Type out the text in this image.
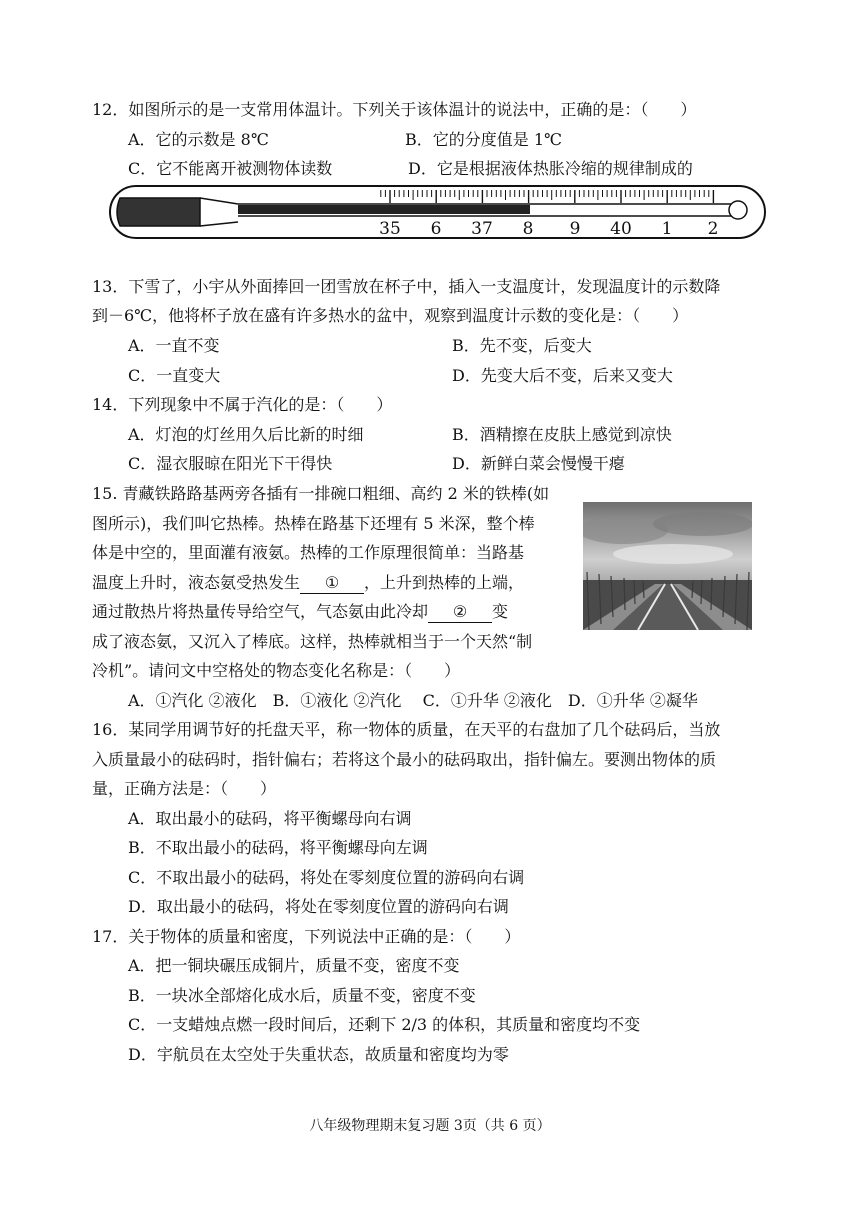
12．如图所示的是一支常用体温计。下列关于该体温计的说法中，正确的是：（　　）
A．它的示数是 8℃	B．它的分度值是 1℃
C．它不能离开被测物体读数	D．它是根据液体热胀冷缩的规律制成的
35 6 37 8 9 40 1 2
13．下雪了，小宇从外面捧回一团雪放在杯子中，插入一支温度计，发现温度计的示数降
到－6℃，他将杯子放在盛有许多热水的盆中，观察到温度计示数的变化是：（　　）
A．一直不变	B．先不变，后变大
C．一直变大	D．先变大后不变，后来又变大
14．下列现象中不属于汽化的是：（　　）
A．灯泡的灯丝用久后比新的时细	B．酒精擦在皮肤上感觉到凉快
C．湿衣服晾在阳光下干得快	D．新鲜白菜会慢慢干瘪
15. 青藏铁路路基两旁各插有一排碗口粗细、高约 2 米的铁棒(如
图所示)，我们叫它热棒。热棒在路基下还埋有 5 米深，整个棒
体是中空的，里面灌有液氨。热棒的工作原理很简单：当路基
温度上升时，液态氨受热发生 ① ，上升到热棒的上端，
通过散热片将热量传导给空气，气态氨由此冷却 ② 变
成了液态氨，又沉入了棒底。这样，热棒就相当于一个天然“制
冷机”。请问文中空格处的物态变化名称是：（　　）
A．①汽化 ②液化　B．①液化 ②汽化　 C．①升华 ②液化　D．①升华 ②凝华
16．某同学用调节好的托盘天平，称一物体的质量，在天平的右盘加了几个砝码后，当放
入质量最小的砝码时，指针偏右；若将这个最小的砝码取出，指针偏左。要测出物体的质
量，正确方法是：（　　）
A．取出最小的砝码，将平衡螺母向右调
B．不取出最小的砝码，将平衡螺母向左调
C．不取出最小的砝码，将处在零刻度位置的游码向右调
D．取出最小的砝码，将处在零刻度位置的游码向右调
17．关于物体的质量和密度，下列说法中正确的是：（　　）
A．把一铜块碾压成铜片，质量不变，密度不变
B．一块冰全部熔化成水后，质量不变，密度不变
C．一支蜡烛点燃一段时间后，还剩下 2/3 的体积，其质量和密度均不变
D．宇航员在太空处于失重状态，故质量和密度均为零
八年级物理期末复习题 3页（共 6 页）
